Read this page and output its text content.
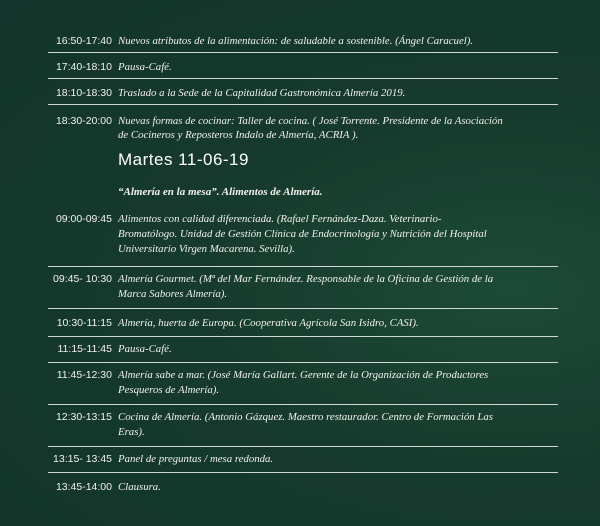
16:50-17:40 Nuevos atributos de la alimentación: de saludable a sostenible. (Ángel Caracuel).
17:40-18:10 Pausa-Café.
18:10-18:30 Traslado a la Sede de la Capitalidad Gastronómica Almería 2019.
18:30-20:00 Nuevas formas de cocinar: Taller de cocina. ( José Torrente. Presidente de la Asociación
de Cocineros y Reposteros Indalo de Almería, ACRIA ).
Martes 11-06-19
“Almería en la mesa”. Alimentos de Almería.
09:00-09:45 Alimentos con calidad diferenciada. (Rafael Fernández-Daza. Veterinario-
Bromatólogo. Unidad de Gestión Clínica de Endocrinología y Nutrición del Hospital
Universitario Virgen Macarena. Sevilla).
09:45- 10:30 Almería Gourmet. (Mª del Mar Fernández. Responsable de la Oficina de Gestión de la
Marca Sabores Almería).
10:30-11:15 Almería, huerta de Europa. (Cooperativa Agrícola San Isidro, CASI).
11:15-11:45 Pausa-Café.
11:45-12:30 Almería sabe a mar. (José María Gallart. Gerente de la Organización de Productores
Pesqueros de Almería).
12:30-13:15 Cocina de Almería. (Antonio Gázquez. Maestro restaurador. Centro de Formación Las
Eras).
13:15- 13:45 Panel de preguntas / mesa redonda.
13:45-14:00 Clausura.
